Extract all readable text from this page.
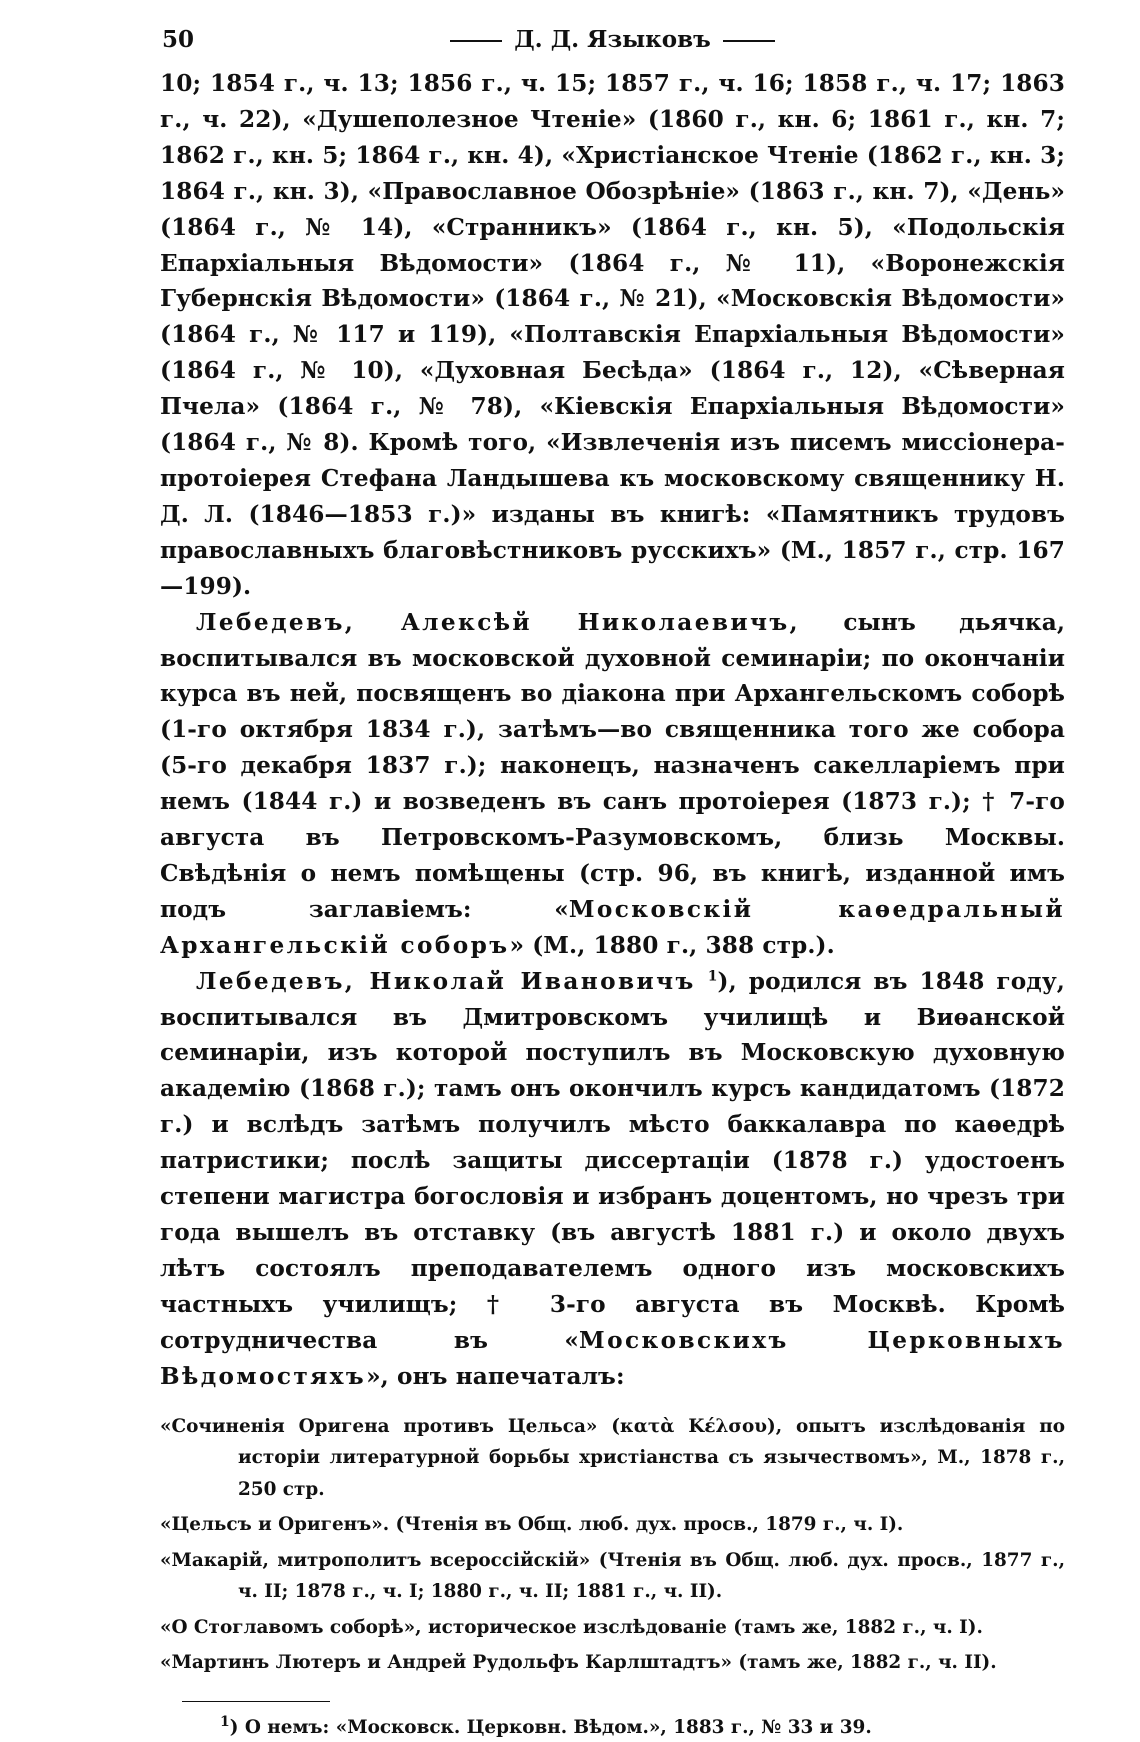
50	Д. Д. Языковъ

10; 1854 г., ч. 13; 1856 г., ч. 15; 1857 г., ч. 16; 1858 г., ч. 17; 1863 г., ч. 22), «Душеполезное Чтеніе» (1860 г., кн. 6; 1861 г., кн. 7; 1862 г., кн. 5; 1864 г., кн. 4), «Христіанское Чтеніе (1862 г., кн. 3; 1864 г., кн. 3), «Православное Обозрѣніе» (1863 г., кн. 7), «День» (1864 г., № 14), «Странникъ» (1864 г., кн. 5), «Подольскія Епархіальныя Вѣдомости» (1864 г., № 11), «Воронежскія Губернскія Вѣдомости» (1864 г., № 21), «Московскія Вѣдомости» (1864 г., № 117 и 119), «Полтавскія Епархіальныя Вѣдомости» (1864 г., № 10), «Духовная Бесѣда» (1864 г., 12), «Сѣверная Пчела» (1864 г., № 78), «Кіевскія Епархіальныя Вѣдомости» (1864 г., № 8). Кромѣ того, «Извлеченія изъ писемъ миссіонера-протоіерея Стефана Ландышева къ московскому священнику Н. Д. Л. (1846—1853 г.)» изданы въ книгѣ: «Памятникъ трудовъ православныхъ благовѣстниковъ русскихъ» (М., 1857 г., стр. 167—199).

Лебедевъ, Алексѣй Николаевичъ, сынъ дьячка, воспитывался въ московской духовной семинаріи; по окончаніи курса въ ней, посвященъ во діакона при Архангельскомъ соборѣ (1-го октября 1834 г.), затѣмъ—во священника того же собора (5-го декабря 1837 г.); наконецъ, назначенъ сакелларіемъ при немъ (1844 г.) и возведенъ въ санъ протоіерея (1873 г.); † 7-го августа въ Петровскомъ-Разумовскомъ, близь Москвы. Свѣдѣнія о немъ помѣщены (стр. 96, въ книгѣ, изданной имъ подъ заглавіемъ: «Московскій каѳедральный Архангельскій соборъ» (М., 1880 г., 388 стр.).

Лебедевъ, Николай Ивановичъ $^1$), родился въ 1848 году, воспитывался въ Дмитровскомъ училищѣ и Виѳанской семинаріи, изъ которой поступилъ въ Московскую духовную академію (1868 г.); тамъ онъ окончилъ курсъ кандидатомъ (1872 г.) и вслѣдъ затѣмъ получилъ мѣсто баккалавра по каѳедрѣ патристики; послѣ защиты диссертаціи (1878 г.) удостоенъ степени магистра богословія и избранъ доцентомъ, но чрезъ три года вышелъ въ отставку (въ августѣ 1881 г.) и около двухъ лѣтъ состоялъ преподавателемъ одного изъ московскихъ частныхъ училищъ; † 3-го августа въ Москвѣ. Кромѣ сотрудничества въ «Московскихъ Церковныхъ Вѣдомостяхъ», онъ напечаталъ:

«Сочиненія Оригена противъ Цельса» (κατὰ Κέλσου), опытъ изслѣдованія по исторіи литературной борьбы христіанства съ язычествомъ», М., 1878 г., 250 стр.

«Цельсъ и Оригенъ». (Чтенія въ Общ. люб. дух. просв., 1879 г., ч. I).

«Макарій, митрополитъ всероссійскій» (Чтенія въ Общ. люб. дух. просв., 1877 г., ч. II; 1878 г., ч. I; 1880 г., ч. II; 1881 г., ч. II).

«О Стоглавомъ соборѣ», историческое изслѣдованіе (тамъ же, 1882 г., ч. I).

«Мартинъ Лютеръ и Андрей Рудольфъ Карлштадтъ» (тамъ же, 1882 г., ч. II).

$^1$) О немъ: «Московск. Церковн. Вѣдом.», 1883 г., № 33 и 39.
